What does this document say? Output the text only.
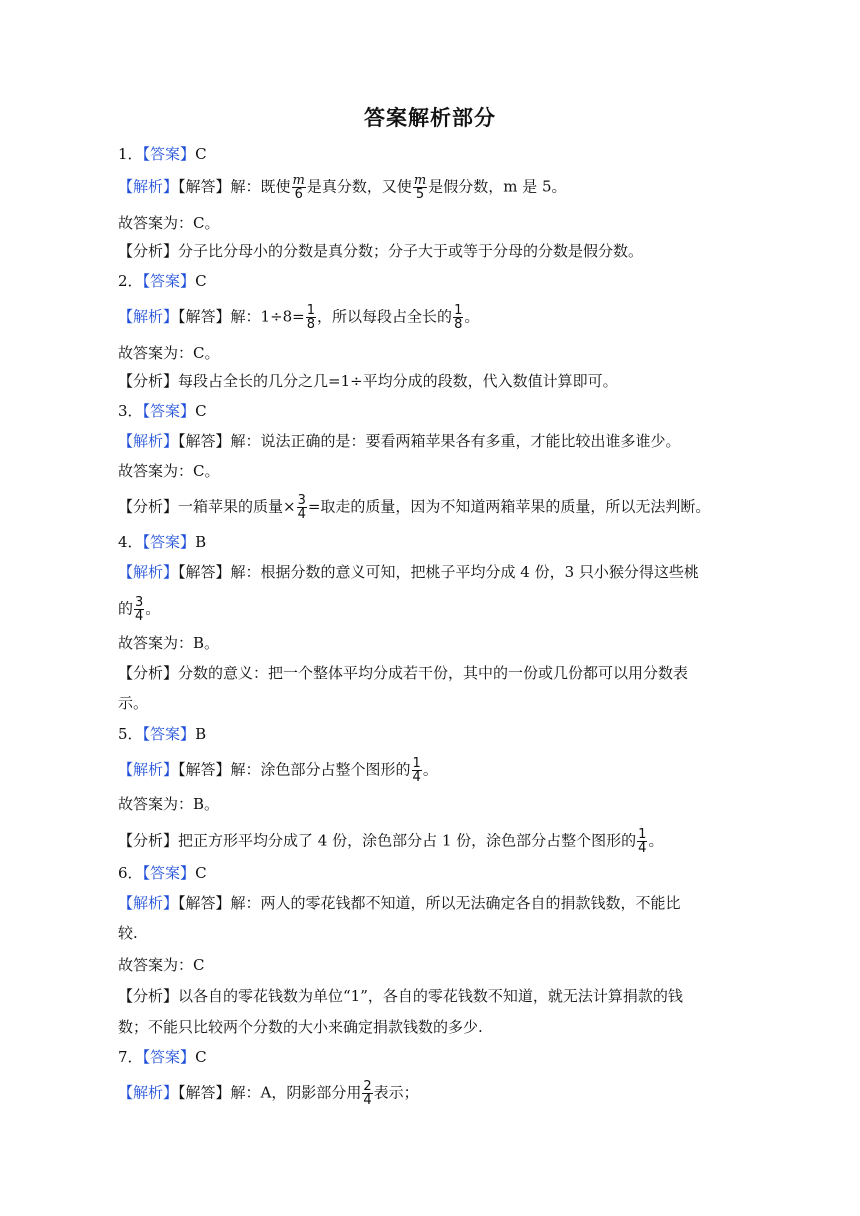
答案解析部分
1．【答案】C
【解析】【解答】解：既使 $\frac{m}{6}$ 是真分数，又使 $\frac{m}{5}$ 是假分数，m 是 5。
故答案为：C。
【分析】分子比分母小的分数是真分数；分子大于或等于分母的分数是假分数。
2．【答案】C
【解析】【解答】解：$1\div 8= \frac{1}{8}$ ，所以每段占全长的 $\frac{1}{8}$ 。
故答案为：C。
【分析】每段占全长的几分之几=1÷平均分成的段数，代入数值计算即可。
3．【答案】C
【解析】【解答】解：说法正确的是：要看两箱苹果各有多重，才能比较出谁多谁少。
故答案为：C。
【分析】一箱苹果的质量× $\frac{3}{4}$ =取走的质量，因为不知道两箱苹果的质量，所以无法判断。
4．【答案】B
【解析】【解答】解：根据分数的意义可知，把桃子平均分成 4 份，3 只小猴分得这些桃
的 $\frac{3}{4}$ 。
故答案为：B。
【分析】分数的意义：把一个整体平均分成若干份，其中的一份或几份都可以用分数表
示。
5．【答案】B
【解析】【解答】解：涂色部分占整个图形的 $\frac{1}{4}$ 。
故答案为：B。
【分析】把正方形平均分成了 4 份，涂色部分占 1 份，涂色部分占整个图形的 $\frac{1}{4}$ 。
6．【答案】C
【解析】【解答】解：两人的零花钱都不知道，所以无法确定各自的捐款钱数，不能比
较.
故答案为：C
【分析】以各自的零花钱数为单位“1”，各自的零花钱数不知道，就无法计算捐款的钱
数；不能只比较两个分数的大小来确定捐款钱数的多少.
7．【答案】C
【解析】【解答】解：A，阴影部分用 $\frac{2}{4}$ 表示；
